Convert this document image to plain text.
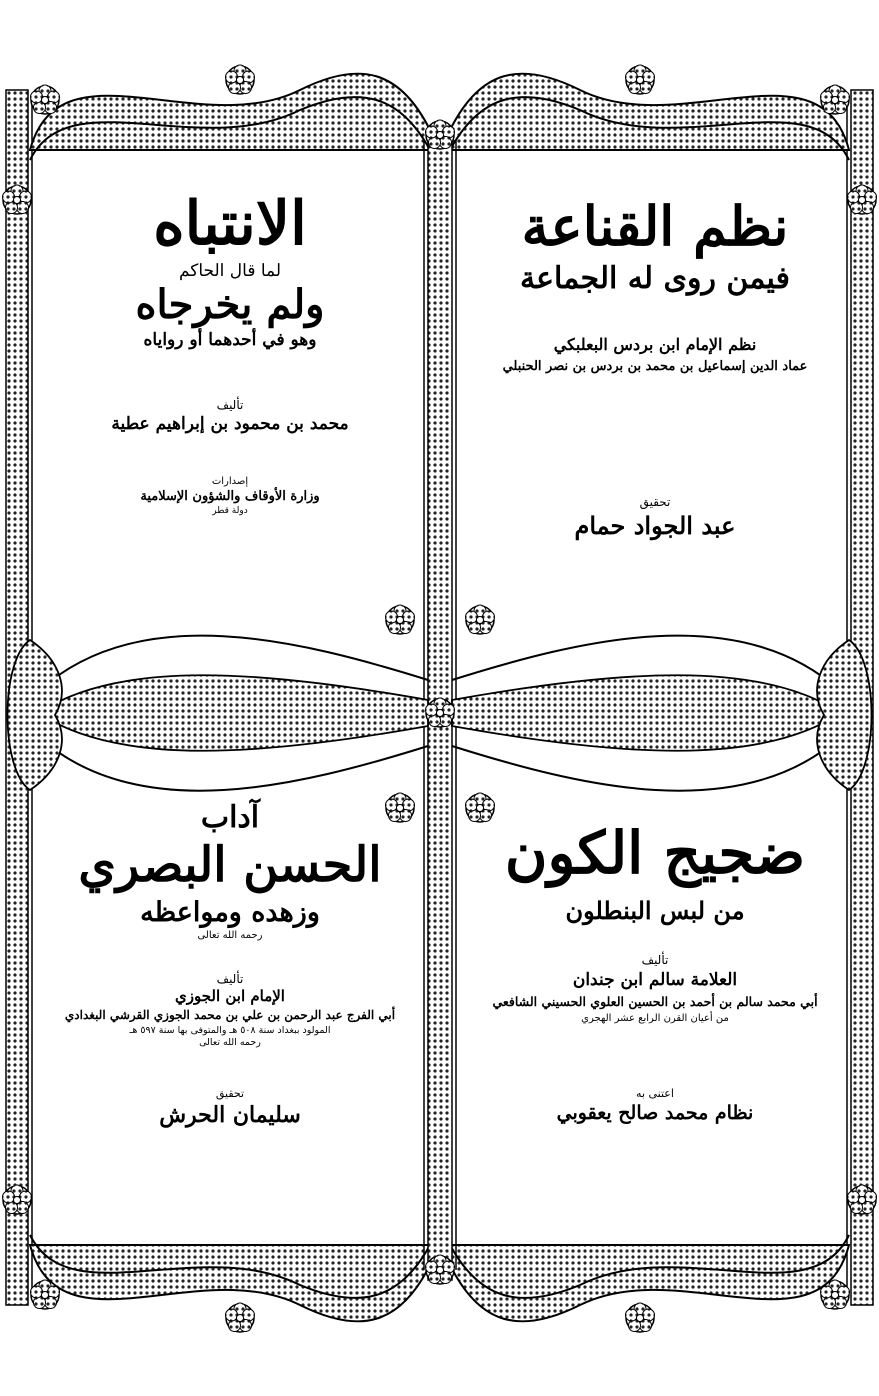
نظم القناعة
فيمن روى له الجماعة
نظم الإمام ابن بردس البعلبكي
عماد الدين إسماعيل بن محمد بن بردس بن نصر الحنبلي
تحقيق
عبد الجواد حمام
الانتباه
لما قال الحاكم
ولم يخرجاه
وهو في أحدهما أو رواياه
تأليف
محمد بن محمود بن إبراهيم عطية
إصدارات
وزارة الأوقاف والشؤون الإسلامية
دولة قطر
ضجيج الكون
من لبس البنطلون
تأليف
العلامة سالم ابن جندان
أبي محمد سالم بن أحمد بن الحسين العلوي الحسيني الشافعي
من أعيان القرن الرابع عشر الهجري
اعتنى به
نظام محمد صالح يعقوبي
آداب
الحسن البصري
وزهده ومواعظه
رحمه الله تعالى
تأليف
الإمام ابن الجوزي
أبي الفرج عبد الرحمن بن علي بن محمد الجوزي القرشي البغدادي
المولود ببغداد سنة ٥٠٨ هـ والمتوفى بها سنة ٥٩٧ هـ
رحمه الله تعالى
تحقيق
سليمان الحرش
